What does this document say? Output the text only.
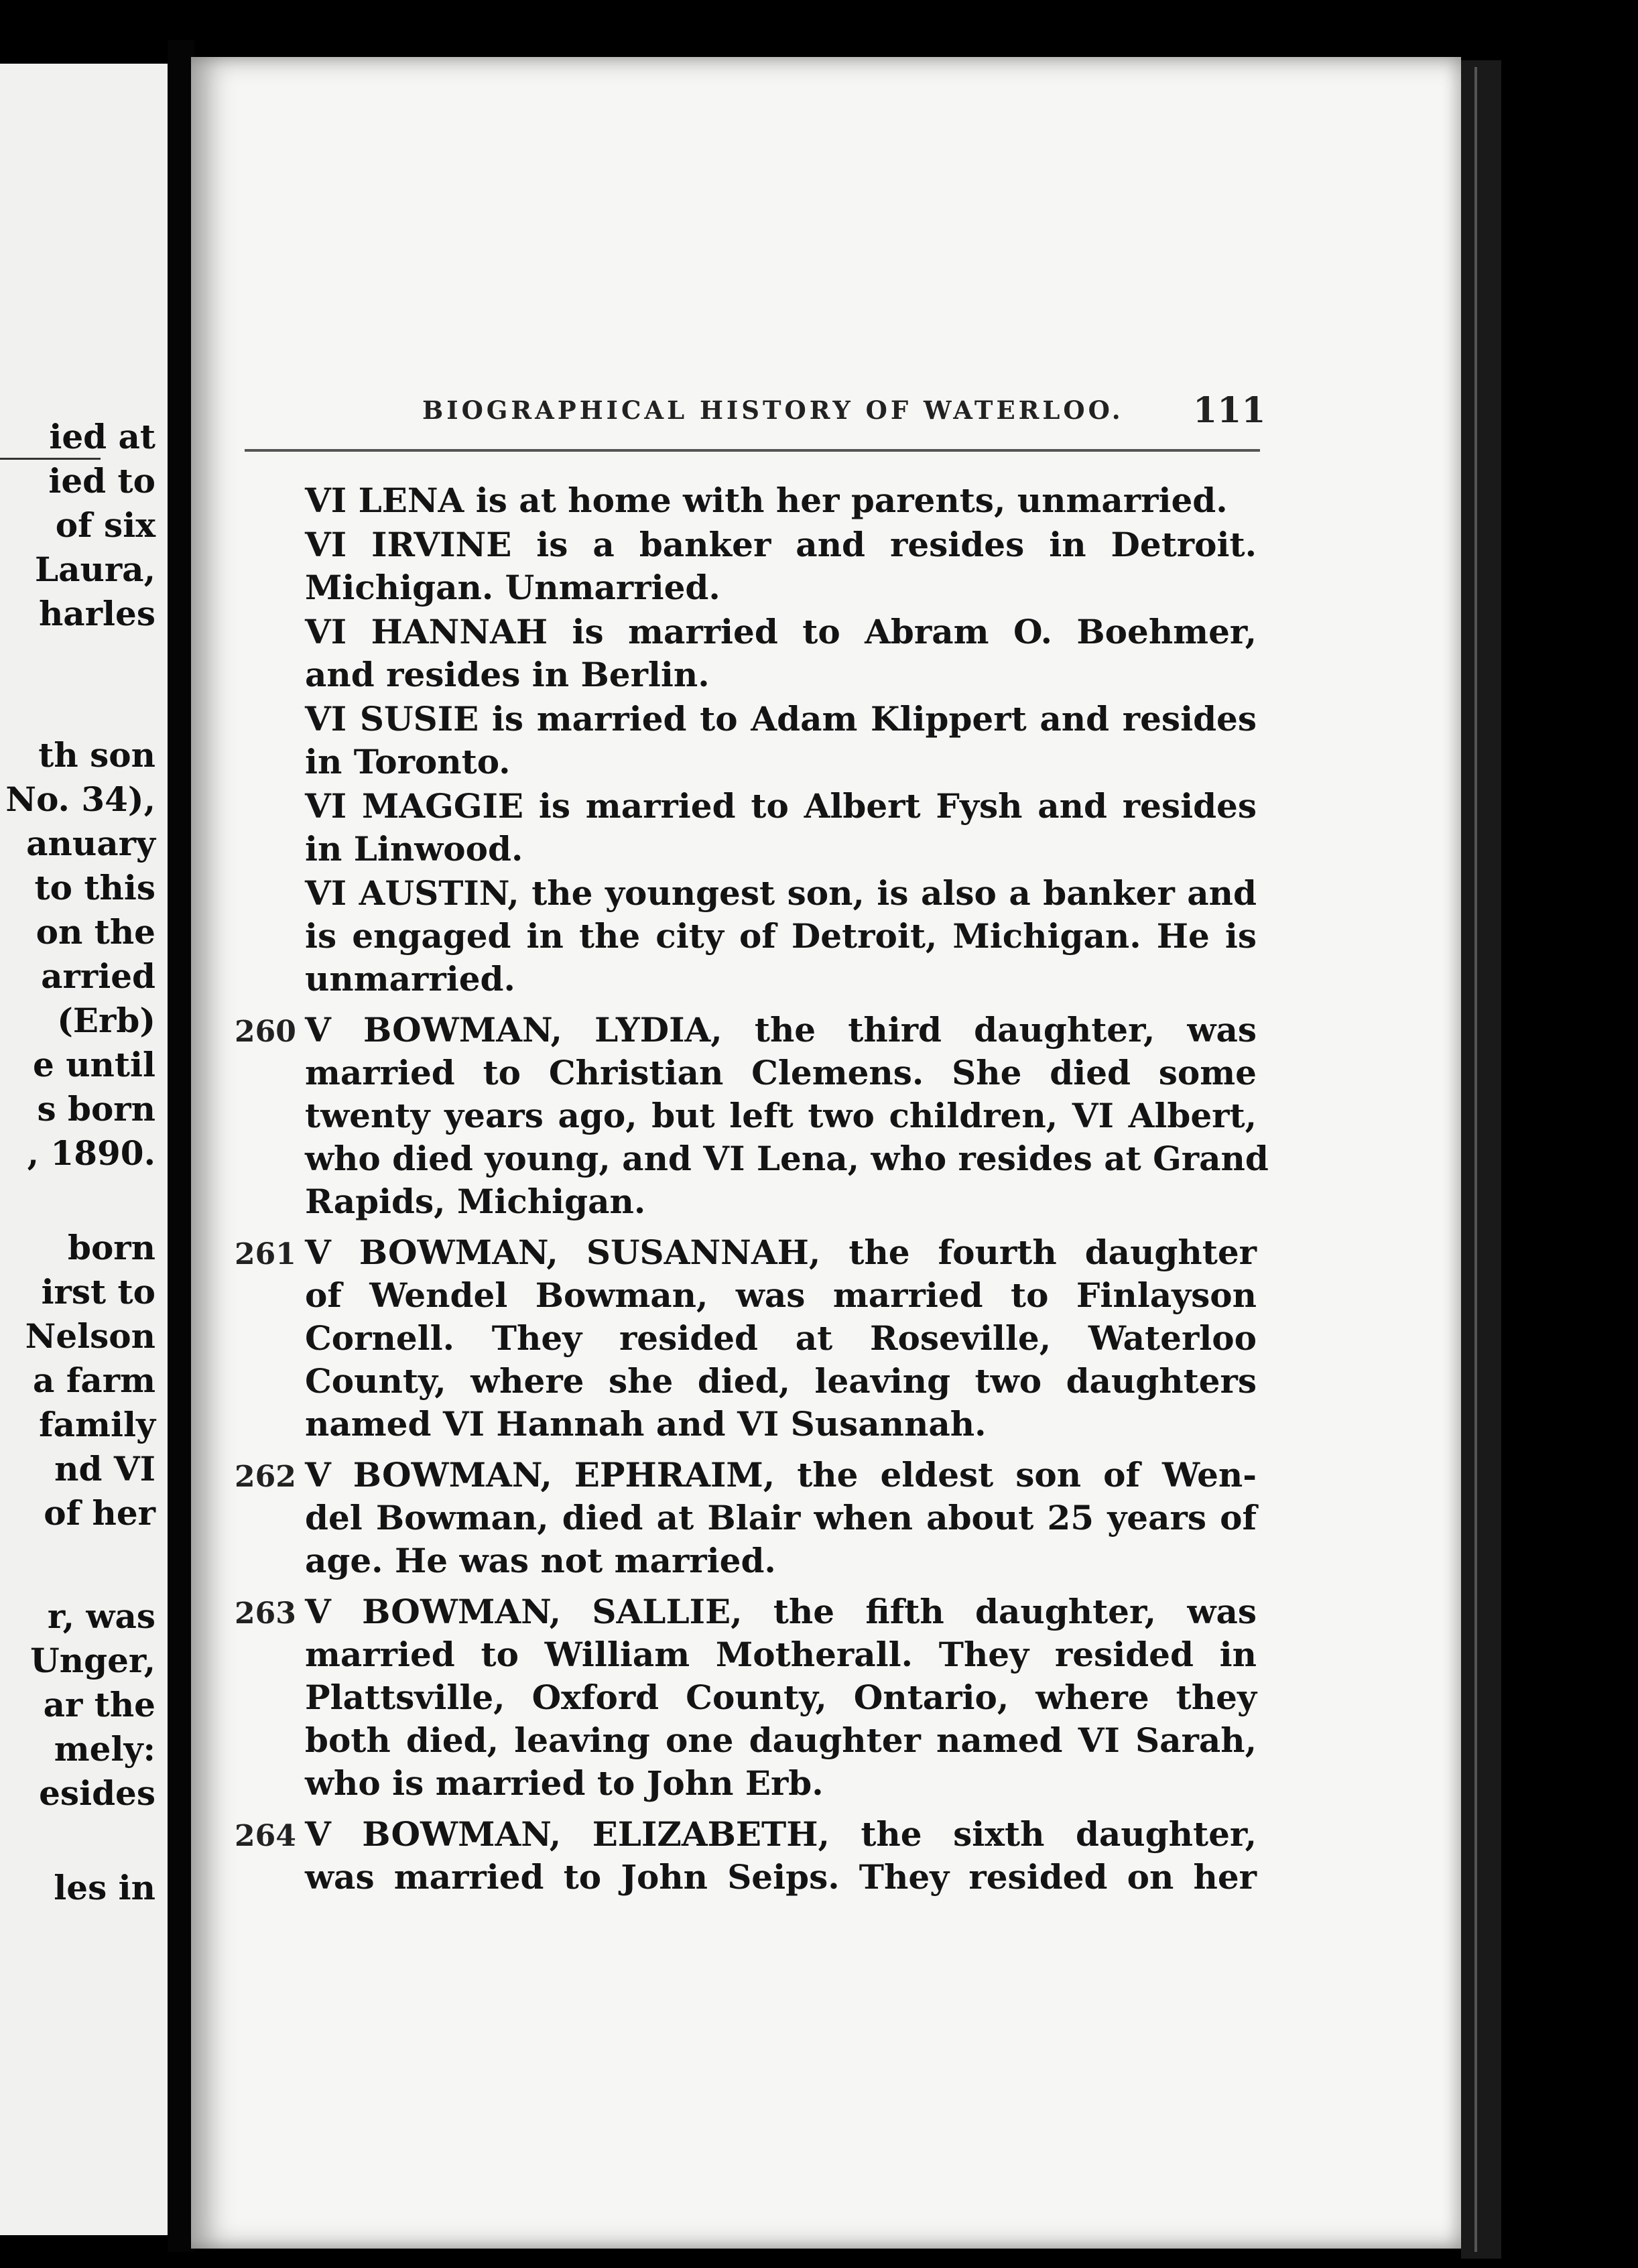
ied at
ied to
of six
Laura,
harles
th son
No. 34),
anuary
to this
on the
arried
(Erb)
e until
s born
, 1890.
born
irst to
Nelson
a farm
family
nd VI
of her
r, was
Unger,
ar the
mely:
esides
les in
BIOGRAPHICAL HISTORY OF WATERLOO. 111

VI LENA is at home with her parents, unmarried.

VI IRVINE is a banker and resides in Detroit.
Michigan. Unmarried.

VI HANNAH is married to Abram O. Boehmer,
and resides in Berlin.

VI SUSIE is married to Adam Klippert and resides
in Toronto.

VI MAGGIE is married to Albert Fysh and resides
in Linwood.

VI AUSTIN, the youngest son, is also a banker and
is engaged in the city of Detroit, Michigan. He is
unmarried.

260 V BOWMAN, LYDIA, the third daughter, was
married to Christian Clemens. She died some
twenty years ago, but left two children, VI Albert,
who died young, and VI Lena, who resides at Grand
Rapids, Michigan.

261 V BOWMAN, SUSANNAH, the fourth daughter
of Wendel Bowman, was married to Finlayson
Cornell. They resided at Roseville, Waterloo
County, where she died, leaving two daughters
named VI Hannah and VI Susannah.

262 V BOWMAN, EPHRAIM, the eldest son of Wen-
del Bowman, died at Blair when about 25 years of
age. He was not married.

263 V BOWMAN, SALLIE, the fifth daughter, was
married to William Motherall. They resided in
Plattsville, Oxford County, Ontario, where they
both died, leaving one daughter named VI Sarah,
who is married to John Erb.

264 V BOWMAN, ELIZABETH, the sixth daughter,
was married to John Seips. They resided on her
